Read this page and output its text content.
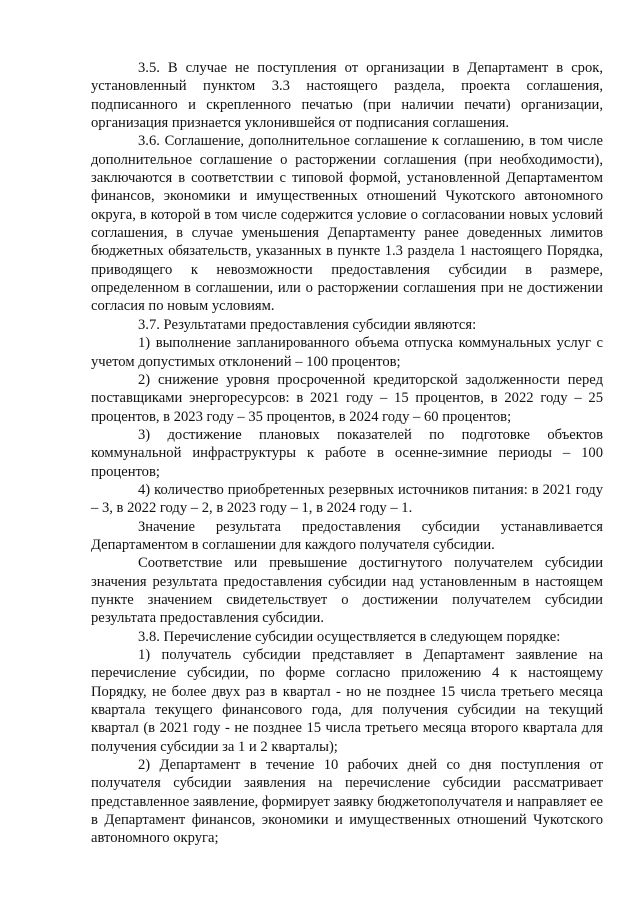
3.5. В случае не поступления от организации в Департамент в срок, установленный пунктом 3.3 настоящего раздела, проекта соглашения, подписанного и скрепленного печатью (при наличии печати) организации, организация признается уклонившейся от подписания соглашения.

3.6. Соглашение, дополнительное соглашение к соглашению, в том числе дополнительное соглашение о расторжении соглашения (при необходимости), заключаются в соответствии с типовой формой, установленной Департаментом финансов, экономики и имущественных отношений Чукотского автономного округа, в которой в том числе содержится условие о согласовании новых условий соглашения, в случае уменьшения Департаменту ранее доведенных лимитов бюджетных обязательств, указанных в пункте 1.3 раздела 1 настоящего Порядка, приводящего к невозможности предоставления субсидии в размере, определенном в соглашении, или о расторжении соглашения при не достижении согласия по новым условиям.

3.7. Результатами предоставления субсидии являются:

1) выполнение запланированного объема отпуска коммунальных услуг с учетом допустимых отклонений – 100 процентов;

2) снижение уровня просроченной кредиторской задолженности перед поставщиками энергоресурсов: в 2021 году – 15 процентов, в 2022 году – 25 процентов, в 2023 году – 35 процентов, в 2024 году – 60 процентов;

3) достижение плановых показателей по подготовке объектов коммунальной инфраструктуры к работе в осенне-зимние периоды – 100 процентов;

4) количество приобретенных резервных источников питания: в 2021 году – 3, в 2022 году – 2, в 2023 году – 1, в 2024 году – 1.

Значение результата предоставления субсидии устанавливается Департаментом в соглашении для каждого получателя субсидии.

Соответствие или превышение достигнутого получателем субсидии значения результата предоставления субсидии над установленным в настоящем пункте значением свидетельствует о достижении получателем субсидии результата предоставления субсидии.

3.8. Перечисление субсидии осуществляется в следующем порядке:

1) получатель субсидии представляет в Департамент заявление на перечисление субсидии, по форме согласно приложению 4 к настоящему Порядку, не более двух раз в квартал - но не позднее 15 числа третьего месяца квартала текущего финансового года, для получения субсидии на текущий квартал (в 2021 году - не позднее 15 числа третьего месяца второго квартала для получения субсидии за 1 и 2 кварталы);

2) Департамент в течение 10 рабочих дней со дня поступления от получателя субсидии заявления на перечисление субсидии рассматривает представленное заявление, формирует заявку бюджетополучателя и направляет ее в Департамент финансов, экономики и имущественных отношений Чукотского автономного округа;
